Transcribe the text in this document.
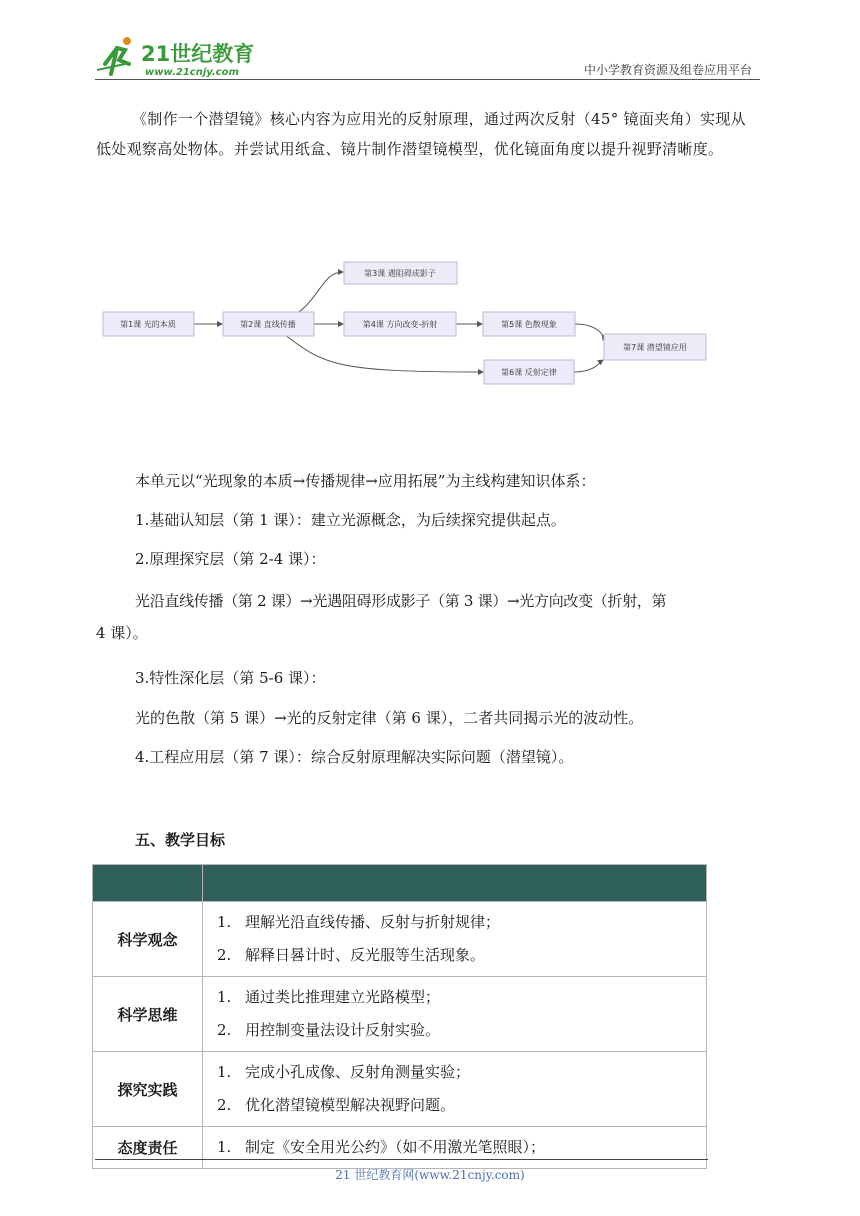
21世纪教育
www.21cnjy.com	中小学教育资源及组卷应用平台
《制作一个潜望镜》核心内容为应用光的反射原理，通过两次反射（45° 镜面夹角）实现从低处观察高处物体。并尝试用纸盒、镜片制作潜望镜模型，优化镜面角度以提升视野清晰度。
第1课 光的本质	第2课 直线传播
第3课 遇阻碍成影子
第4课 方向改变-折射	第5课 色散现象
第6课 反射定律
第7课 潜望镜应用
本单元以“光现象的本质→传播规律→应用拓展”为主线构建知识体系：
1.基础认知层（第 1 课）：建立光源概念，为后续探究提供起点。
2.原理探究层（第 2-4 课）：
光沿直线传播（第 2 课）→光遇阻碍形成影子（第 3 课）→光方向改变（折射，第
4 课）。
3.特性深化层（第 5-6 课）：
光的色散（第 5 课）→光的反射定律（第 6 课），二者共同揭示光的波动性。
4.工程应用层（第 7 课）：综合反射原理解决实际问题（潜望镜）。
五、教学目标

科学观念	1. 理解光沿直线传播、反射与折射规律；
2. 解释日晷计时、反光服等生活现象。

科学思维	1. 通过类比推理建立光路模型；
2. 用控制变量法设计反射实验。

探究实践	1. 完成小孔成像、反射角测量实验；
2. 优化潜望镜模型解决视野问题。

态度责任	1. 制定《安全用光公约》（如不用激光笔照眼）；
21 世纪教育网(www.21cnjy.com)
